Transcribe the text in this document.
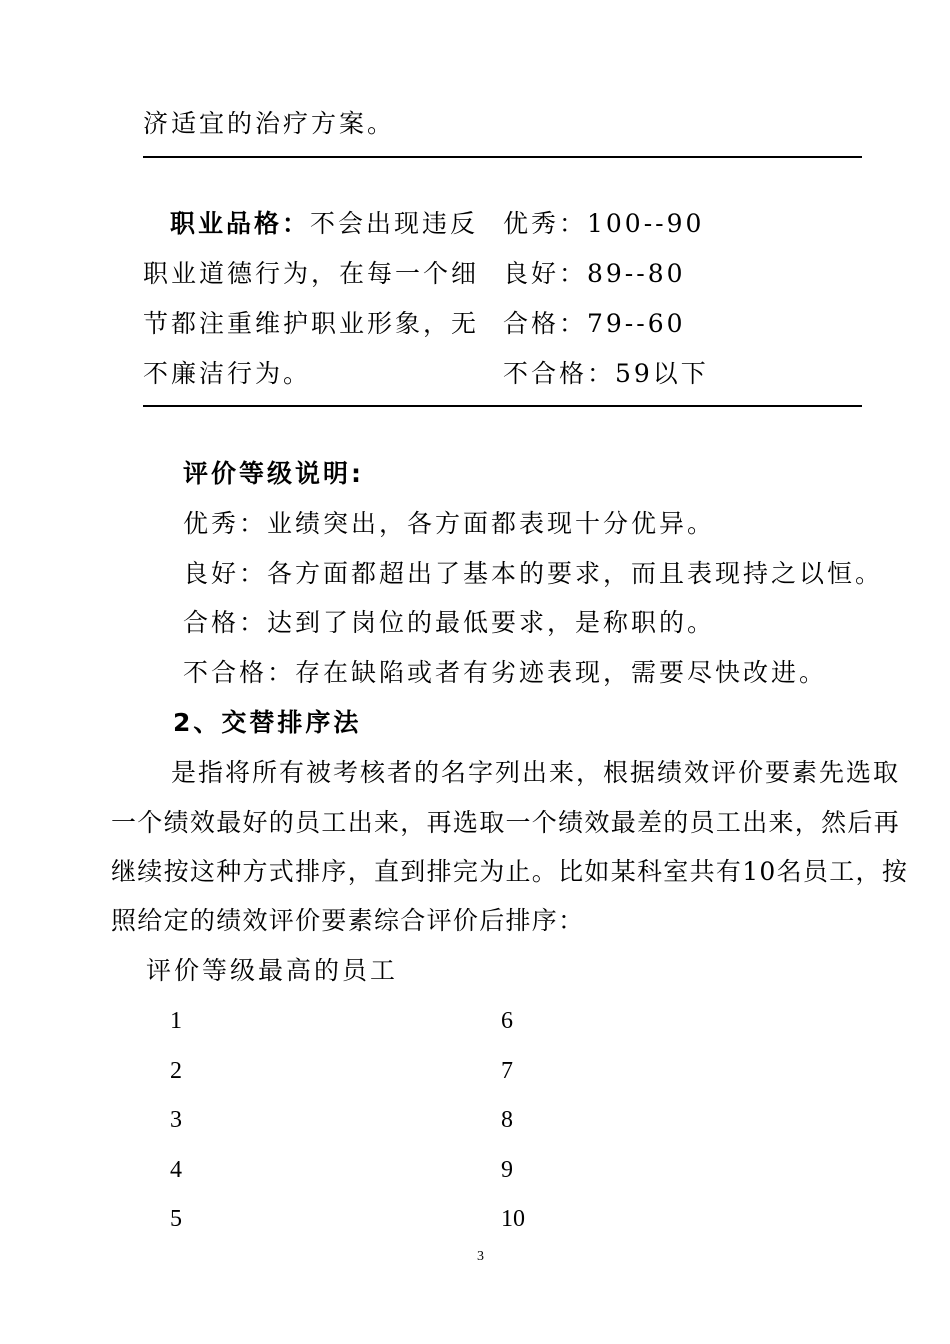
济适宜的治疗方案。
职业品格：不会出现违反
职业道德行为，在每一个细
节都注重维护职业形象，无
不廉洁行为。
优秀：100--90
良好：89--80
合格：79--60
不合格：59以下
评价等级说明:
优秀：业绩突出，各方面都表现十分优异。
良好：各方面都超出了基本的要求，而且表现持之以恒。
合格：达到了岗位的最低要求，是称职的。
不合格：存在缺陷或者有劣迹表现，需要尽快改进。
2、交替排序法
是指将所有被考核者的名字列出来，根据绩效评价要素先选取
一个绩效最好的员工出来，再选取一个绩效最差的员工出来，然后再
继续按这种方式排序，直到排完为止。比如某科室共有10名员工，按
照给定的绩效评价要素综合评价后排序：
评价等级最高的员工
1
2
3
4
5
6
7
8
9
10
3
